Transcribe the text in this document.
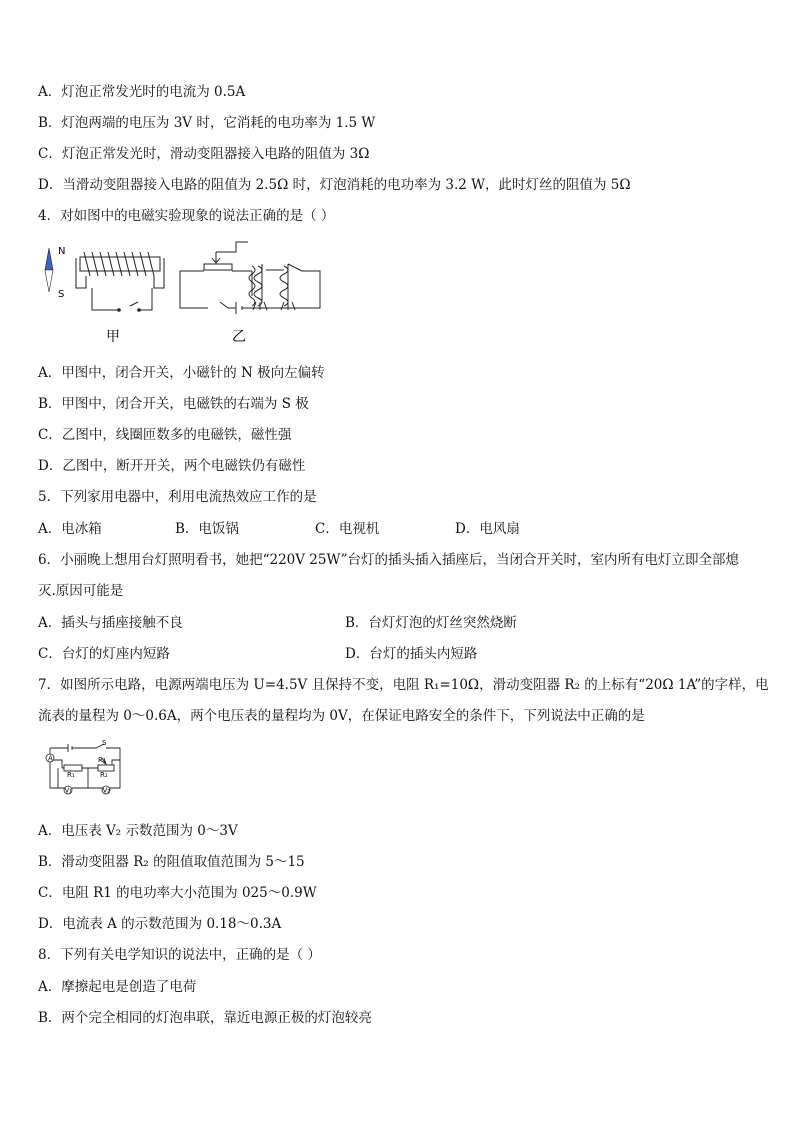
A．灯泡正常发光时的电流为 0.5A
B．灯泡两端的电压为 3V 时，它消耗的电功率为 1.5 W
C．灯泡正常发光时，滑动变阻器接入电路的阻值为 3Ω
D．当滑动变阻器接入电路的阻值为 2.5Ω 时，灯泡消耗的电功率为 3.2 W，此时灯丝的阻值为 5Ω
4．对如图中的电磁实验现象的说法正确的是（ ）
N
S
甲	乙
A．甲图中，闭合开关，小磁针的 N 极向左偏转
B．甲图中，闭合开关，电磁铁的右端为 S 极
C．乙图中，线圈匝数多的电磁铁，磁性强
D．乙图中，断开开关，两个电磁铁仍有磁性
5．下列家用电器中，利用电流热效应工作的是
A．电冰箱	B．电饭锅	C．电视机	D．电风扇
6．小丽晚上想用台灯照明看书，她把“220V 25W”台灯的插头插入插座后，当闭合开关时，室内所有电灯立即全部熄
灭.原因可能是
A．插头与插座接触不良	B．台灯灯泡的灯丝突然烧断
C．台灯的灯座内短路	D．台灯的插头内短路
7．如图所示电路，电源两端电压为 U=4.5V 且保持不变，电阻 R₁=10Ω，滑动变阻器 R₂ 的上标有“20Ω 1A”的字样，电
流表的量程为 0～0.6A，两个电压表的量程均为 0V，在保证电路安全的条件下，下列说法中正确的是
S
A
R₁
P
R₂
V₁	V₂
A．电压表 V₂ 示数范围为 0～3V
B．滑动变阻器 R₂ 的阻值取值范围为 5～15
C．电阻 R1 的电功率大小范围为 025～0.9W
D．电流表 A 的示数范围为 0.18～0.3A
8．下列有关电学知识的说法中，正确的是（ ）
A．摩擦起电是创造了电荷
B．两个完全相同的灯泡串联，靠近电源正极的灯泡较亮
